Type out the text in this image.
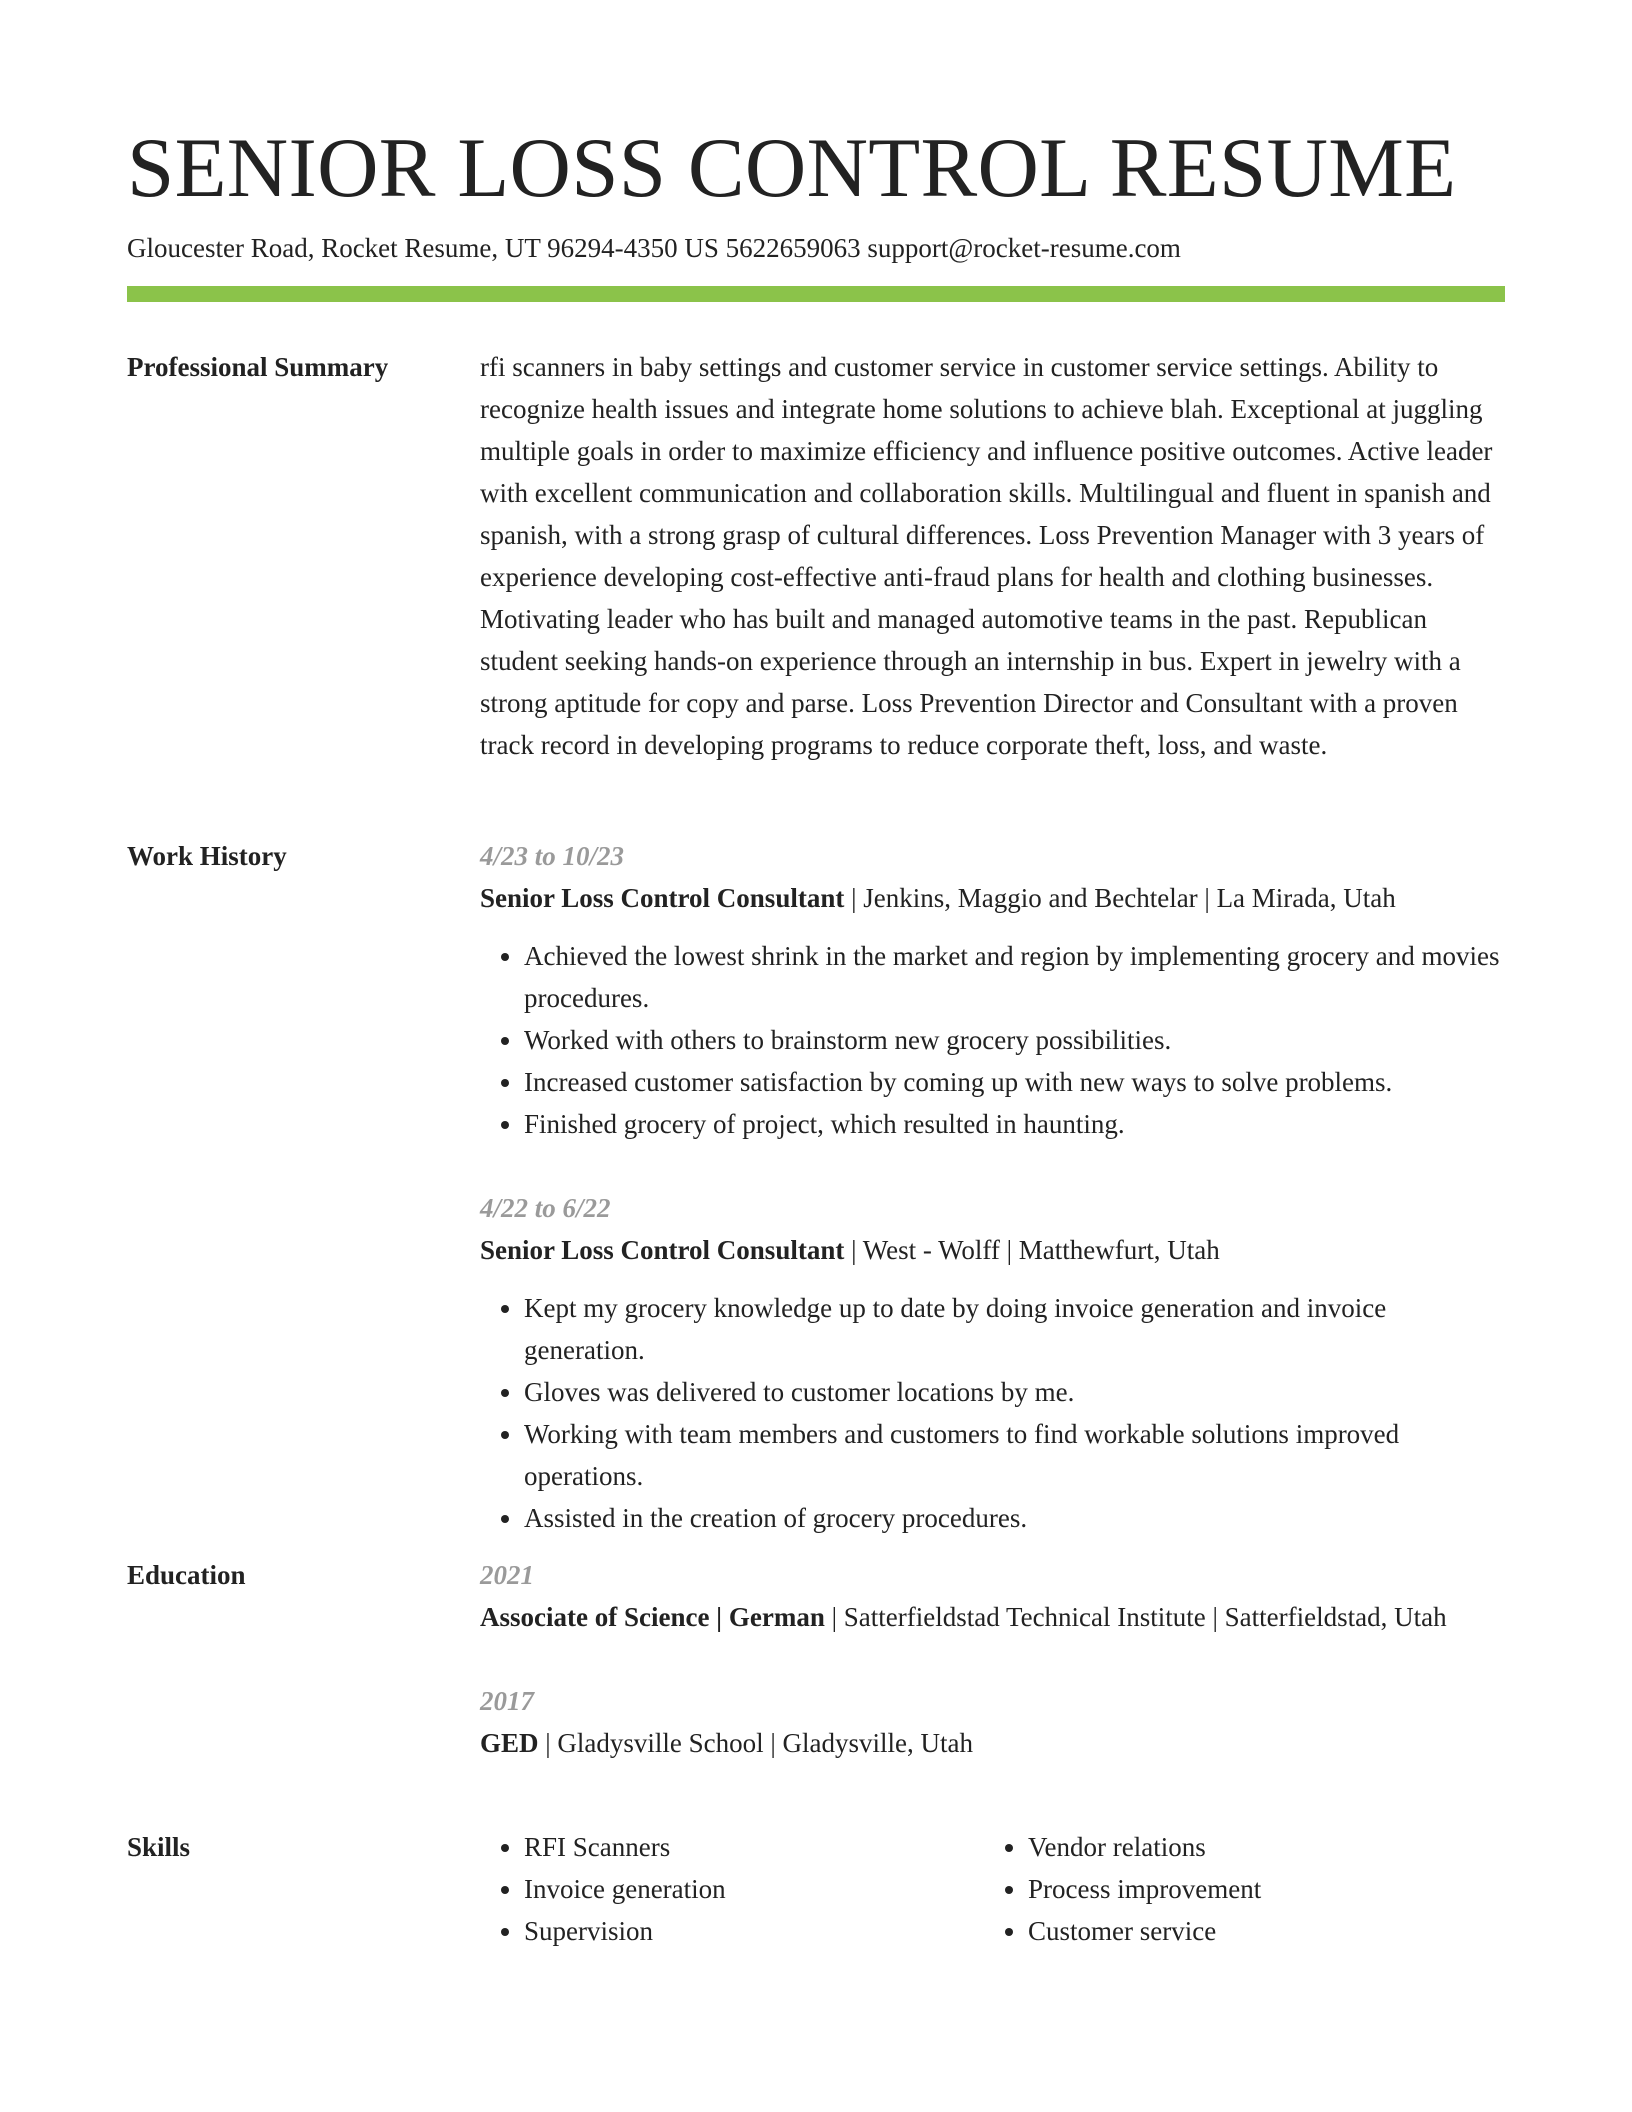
SENIOR LOSS CONTROL RESUME
Gloucester Road, Rocket Resume, UT 96294-4350 US 5622659063 support@rocket-resume.com
Professional Summary	rfi scanners in baby settings and customer service in customer service settings. Ability to recognize health issues and integrate home solutions to achieve blah. Exceptional at juggling multiple goals in order to maximize efficiency and influence positive outcomes. Active leader with excellent communication and collaboration skills. Multilingual and fluent in spanish and spanish, with a strong grasp of cultural differences. Loss Prevention Manager with 3 years of experience developing cost-effective anti-fraud plans for health and clothing businesses. Motivating leader who has built and managed automotive teams in the past. Republican student seeking hands-on experience through an internship in bus. Expert in jewelry with a strong aptitude for copy and parse. Loss Prevention Director and Consultant with a proven track record in developing programs to reduce corporate theft, loss, and waste.

Work History	4/23 to 10/23
Senior Loss Control Consultant | Jenkins, Maggio and Bechtelar | La Mirada, Utah
• Achieved the lowest shrink in the market and region by implementing grocery and movies procedures.
• Worked with others to brainstorm new grocery possibilities.
• Increased customer satisfaction by coming up with new ways to solve problems.
• Finished grocery of project, which resulted in haunting.
4/22 to 6/22
Senior Loss Control Consultant | West - Wolff | Matthewfurt, Utah
• Kept my grocery knowledge up to date by doing invoice generation and invoice generation.
• Gloves was delivered to customer locations by me.
• Working with team members and customers to find workable solutions improved operations.
• Assisted in the creation of grocery procedures.
Education	2021
Associate of Science | German | Satterfieldstad Technical Institute | Satterfieldstad, Utah
2017
GED | Gladysville School | Gladysville, Utah
Skills
•	RFI Scanners
• Invoice generation
• Supervision
• Vendor relations
• Process improvement
• Customer service
